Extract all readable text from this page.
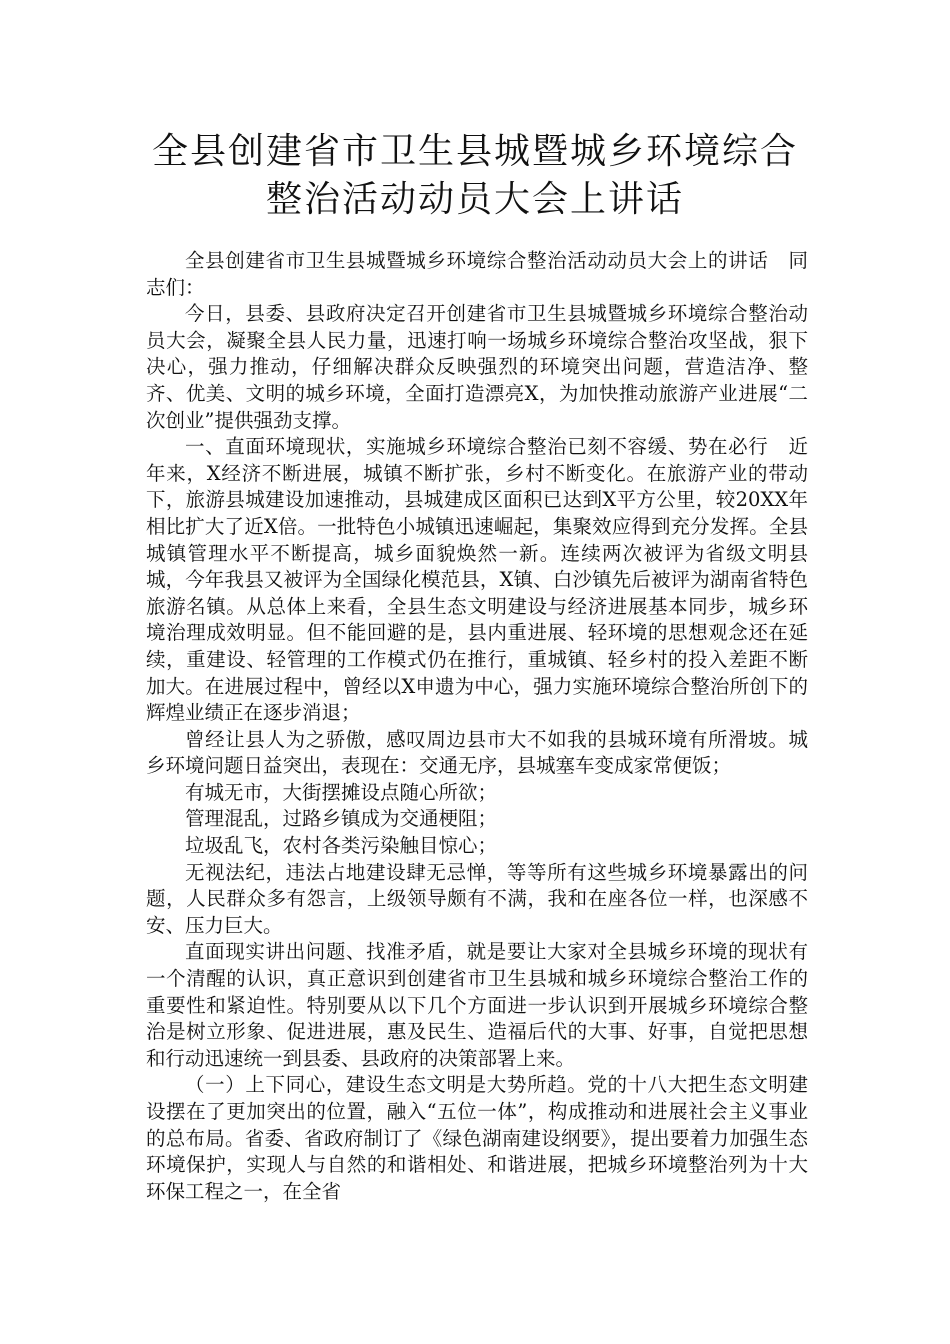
全县创建省市卫生县城暨城乡环境综合整治活动动员大会上讲话

全县创建省市卫生县城暨城乡环境综合整治活动动员大会上的讲话　同志们：

今日，县委、县政府决定召开创建省市卫生县城暨城乡环境综合整治动员大会，凝聚全县人民力量，迅速打响一场城乡环境综合整治攻坚战，狠下决心，强力推动，仔细解决群众反映强烈的环境突出问题，营造洁净、整齐、优美、文明的城乡环境，全面打造漂亮X，为加快推动旅游产业进展“二次创业”提供强劲支撑。

一、直面环境现状，实施城乡环境综合整治已刻不容缓、势在必行　近年来，X经济不断进展，城镇不断扩张，乡村不断变化。在旅游产业的带动下，旅游县城建设加速推动，县城建成区面积已达到X平方公里，较20XX年相比扩大了近X倍。一批特色小城镇迅速崛起，集聚效应得到充分发挥。全县城镇管理水平不断提高，城乡面貌焕然一新。连续两次被评为省级文明县城，今年我县又被评为全国绿化模范县，X镇、白沙镇先后被评为湖南省特色旅游名镇。从总体上来看，全县生态文明建设与经济进展基本同步，城乡环境治理成效明显。但不能回避的是，县内重进展、轻环境的思想观念还在延续，重建设、轻管理的工作模式仍在推行，重城镇、轻乡村的投入差距不断加大。在进展过程中，曾经以X申遗为中心，强力实施环境综合整治所创下的辉煌业绩正在逐步消退；

曾经让县人为之骄傲，感叹周边县市大不如我的县城环境有所滑坡。城乡环境问题日益突出，表现在：交通无序，县城塞车变成家常便饭；

有城无市，大街摆摊设点随心所欲；

管理混乱，过路乡镇成为交通梗阻；

垃圾乱飞，农村各类污染触目惊心；

无视法纪，违法占地建设肆无忌惮，等等所有这些城乡环境暴露出的问题，人民群众多有怨言，上级领导颇有不满，我和在座各位一样，也深感不安、压力巨大。

直面现实讲出问题、找准矛盾，就是要让大家对全县城乡环境的现状有一个清醒的认识，真正意识到创建省市卫生县城和城乡环境综合整治工作的重要性和紧迫性。特别要从以下几个方面进一步认识到开展城乡环境综合整治是树立形象、促进进展，惠及民生、造福后代的大事、好事，自觉把思想和行动迅速统一到县委、县政府的决策部署上来。

（一）上下同心，建设生态文明是大势所趋。党的十八大把生态文明建设摆在了更加突出的位置，融入“五位一体”，构成推动和进展社会主义事业的总布局。省委、省政府制订了《绿色湖南建设纲要》，提出要着力加强生态环境保护，实现人与自然的和谐相处、和谐进展，把城乡环境整治列为十大环保工程之一，在全省
